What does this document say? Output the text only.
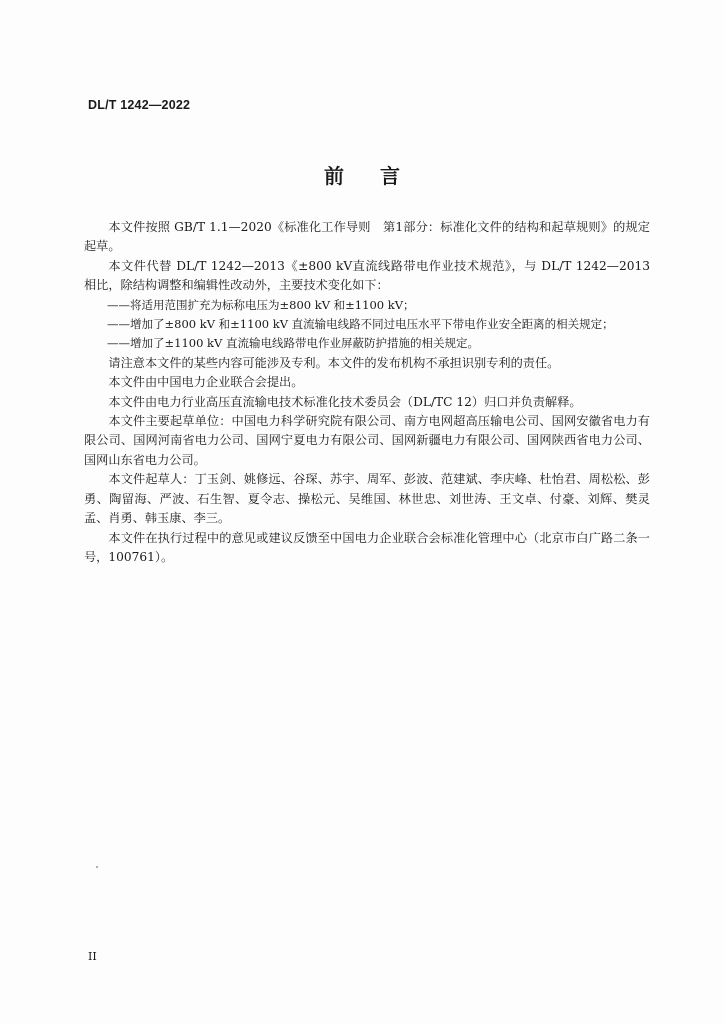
DL/T 1242—2022
前言

本文件按照 GB/T 1.1—2020《标准化工作导则　第1部分：标准化文件的结构和起草规则》的规定起草。

本文件代替 DL/T 1242—2013《±800 kV直流线路带电作业技术规范》，与 DL/T 1242—2013 相比，除结构调整和编辑性改动外，主要技术变化如下：

——将适用范围扩充为标称电压为±800 kV 和±1100 kV；

——增加了±800 kV 和±1100 kV 直流输电线路不同过电压水平下带电作业安全距离的相关规定；

——增加了±1100 kV 直流输电线路带电作业屏蔽防护措施的相关规定。

请注意本文件的某些内容可能涉及专利。本文件的发布机构不承担识别专利的责任。

本文件由中国电力企业联合会提出。

本文件由电力行业高压直流输电技术标准化技术委员会（DL/TC 12）归口并负责解释。

本文件主要起草单位：中国电力科学研究院有限公司、南方电网超高压输电公司、国网安徽省电力有限公司、国网河南省电力公司、国网宁夏电力有限公司、国网新疆电力有限公司、国网陕西省电力公司、国网山东省电力公司。

本文件起草人：丁玉剑、姚修远、谷琛、苏宇、周军、彭波、范建斌、李庆峰、杜怡君、周松松、彭勇、陶留海、严波、石生智、夏令志、操松元、吴维国、林世忠、刘世涛、王文卓、付豪、刘辉、樊灵孟、肖勇、韩玉康、李三。

本文件在执行过程中的意见或建议反馈至中国电力企业联合会标准化管理中心（北京市白广路二条一号，100761）。

II
